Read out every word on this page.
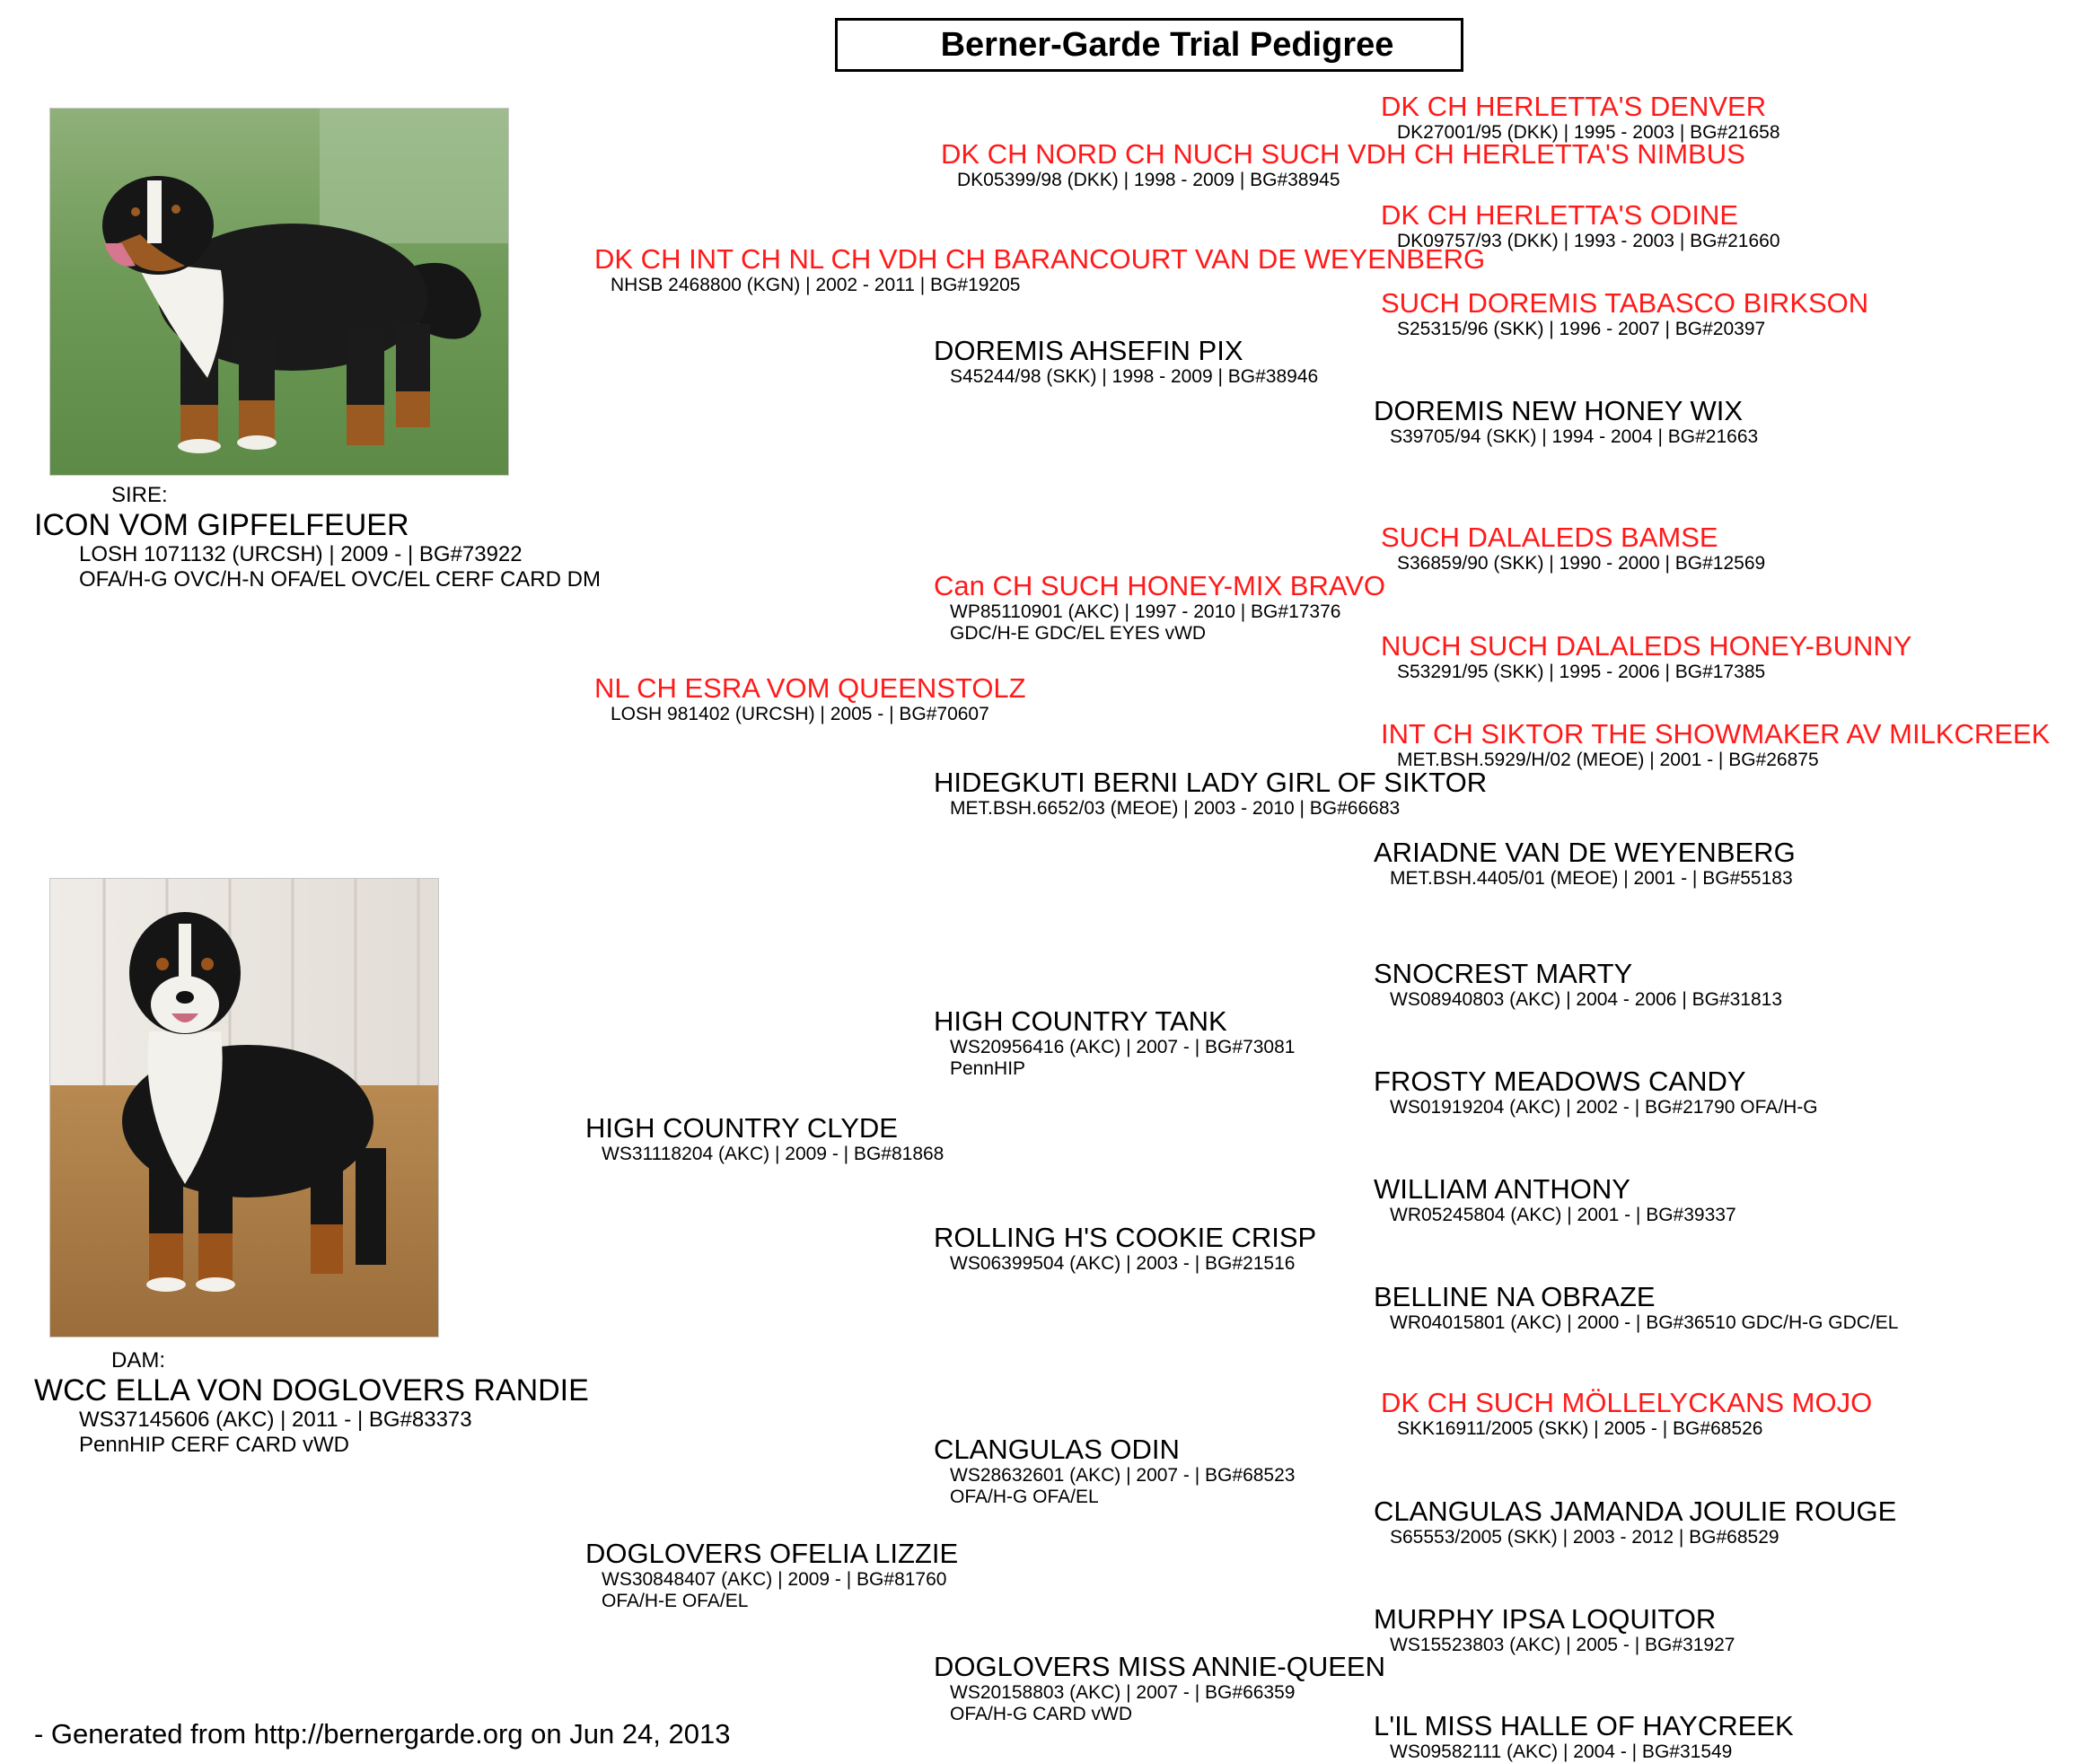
Berner-Garde Trial Pedigree
SIRE:
ICON VOM GIPFELFEUER
LOSH 1071132 (URCSH) | 2009 - | BG#73922
OFA/H-G OVC/H-N OFA/EL OVC/EL CERF CARD DM
DAM:
WCC ELLA VON DOGLOVERS RANDIE
WS37145606 (AKC) | 2011 - | BG#83373
PennHIP CERF CARD vWD
DK CH HERLETTA'S DENVER
DK27001/95 (DKK) | 1995 - 2003 | BG#21658
DK CH NORD CH NUCH SUCH VDH CH HERLETTA'S NIMBUS
DK05399/98 (DKK) | 1998 - 2009 | BG#38945
DK CH HERLETTA'S ODINE
DK09757/93 (DKK) | 1993 - 2003 | BG#21660
DK CH INT CH NL CH VDH CH BARANCOURT VAN DE WEYENBERG
NHSB 2468800 (KGN) | 2002 - 2011 | BG#19205
SUCH DOREMIS TABASCO BIRKSON
S25315/96 (SKK) | 1996 - 2007 | BG#20397
DOREMIS AHSEFIN PIX
S45244/98 (SKK) | 1998 - 2009 | BG#38946
DOREMIS NEW HONEY WIX
S39705/94 (SKK) | 1994 - 2004 | BG#21663
SUCH DALALEDS BAMSE
S36859/90 (SKK) | 1990 - 2000 | BG#12569
Can CH SUCH HONEY-MIX BRAVO
WP85110901 (AKC) | 1997 - 2010 | BG#17376
GDC/H-E GDC/EL EYES vWD	NUCH SUCH DALALEDS HONEY-BUNNY
S53291/95 (SKK) | 1995 - 2006 | BG#17385
NL CH ESRA VOM QUEENSTOLZ
LOSH 981402 (URCSH) | 2005 - | BG#70607
INT CH SIKTOR THE SHOWMAKER AV MILKCREEK
MET.BSH.5929/H/02 (MEOE) | 2001 - | BG#26875
HIDEGKUTI BERNI LADY GIRL OF SIKTOR
MET.BSH.6652/03 (MEOE) | 2003 - 2010 | BG#66683
ARIADNE VAN DE WEYENBERG
MET.BSH.4405/01 (MEOE) | 2001 - | BG#55183
SNOCREST MARTY
WS08940803 (AKC) | 2004 - 2006 | BG#31813
HIGH COUNTRY TANK
WS20956416 (AKC) | 2007 - | BG#73081
PennHIP	FROSTY MEADOWS CANDY
WS01919204 (AKC) | 2002 - | BG#21790 OFA/H-G
HIGH COUNTRY CLYDE
WS31118204 (AKC) | 2009 - | BG#81868
WILLIAM ANTHONY
WR05245804 (AKC) | 2001 - | BG#39337
ROLLING H'S COOKIE CRISP
WS06399504 (AKC) | 2003 - | BG#21516
BELLINE NA OBRAZE
WR04015801 (AKC) | 2000 - | BG#36510 GDC/H-G GDC/EL
DK CH SUCH MÖLLELYCKANS MOJO
SKK16911/2005 (SKK) | 2005 - | BG#68526
CLANGULAS ODIN
WS28632601 (AKC) | 2007 - | BG#68523
OFA/H-G OFA/EL	CLANGULAS JAMANDA JOULIE ROUGE
S65553/2005 (SKK) | 2003 - 2012 | BG#68529
DOGLOVERS OFELIA LIZZIE
WS30848407 (AKC) | 2009 - | BG#81760
OFA/H-E OFA/EL
MURPHY IPSA LOQUITOR
WS15523803 (AKC) | 2005 - | BG#31927
DOGLOVERS MISS ANNIE-QUEEN
WS20158803 (AKC) | 2007 - | BG#66359
OFA/H-G CARD vWD	L'IL MISS HALLE OF HAYCREEK
WS09582111 (AKC) | 2004 - | BG#31549
- Generated from http://bernergarde.org on Jun 24, 2013
